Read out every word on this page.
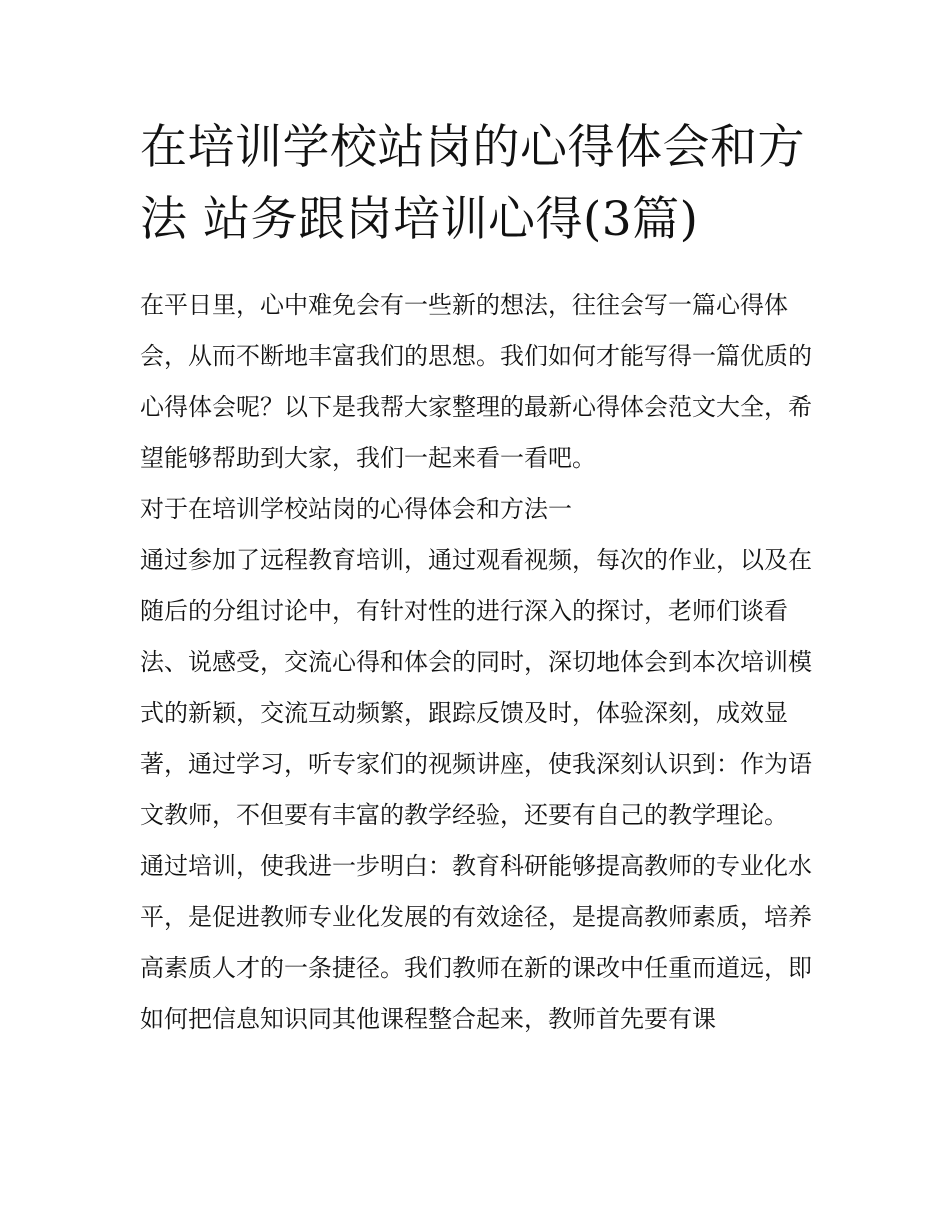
在培训学校站岗的心得体会和方法 站务跟岗培训心得(3篇)

在平日里，心中难免会有一些新的想法，往往会写一篇心得体会，从而不断地丰富我们的思想。我们如何才能写得一篇优质的心得体会呢？以下是我帮大家整理的最新心得体会范文大全，希望能够帮助到大家，我们一起来看一看吧。

对于在培训学校站岗的心得体会和方法一

通过参加了远程教育培训，通过观看视频，每次的作业，以及在随后的分组讨论中，有针对性的进行深入的探讨，老师们谈看法、说感受，交流心得和体会的同时，深切地体会到本次培训模式的新颖，交流互动频繁，跟踪反馈及时，体验深刻，成效显著，通过学习，听专家们的视频讲座，使我深刻认识到：作为语文教师，不但要有丰富的教学经验，还要有自己的教学理论。

通过培训，使我进一步明白：教育科研能够提高教师的专业化水平，是促进教师专业化发展的有效途径，是提高教师素质，培养高素质人才的一条捷径。我们教师在新的课改中任重而道远，即如何把信息知识同其他课程整合起来，教师首先要有课
